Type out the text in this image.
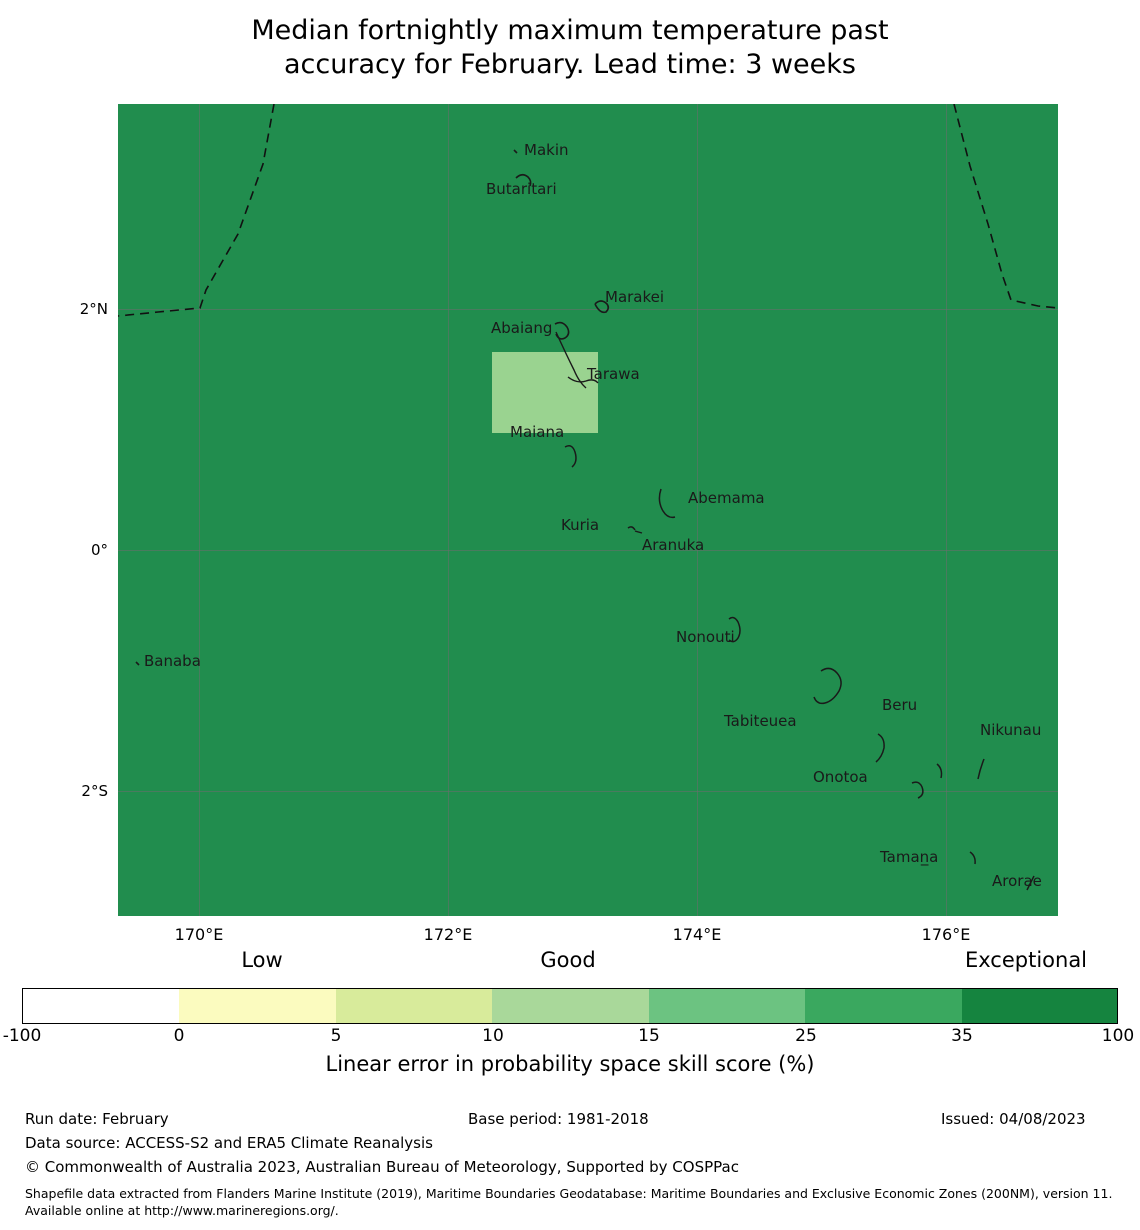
Median fortnightly maximum temperature past
accuracy for February. Lead time: 3 weeks
Makin
Butaritari
Marakei
Abaiang
Tarawa
Maiana
Abemama
Kuria
Aranuka
Nonouti
Banaba
Tabiteuea
Beru
Nikunau
Onotoa
Taman̲a
Arorae
2°N
0°
2°S
170°E	172°E	174°E	176°E
Low	Good	Exceptional
-100	0	5	10	15	25	35	100
Linear error in probability space skill score (%)
Run date: February	Base period: 1981-2018	Issued: 04/08/2023
Data source: ACCESS-S2 and ERA5 Climate Reanalysis
© Commonwealth of Australia 2023, Australian Bureau of Meteorology, Supported by COSPPac
Shapefile data extracted from Flanders Marine Institute (2019), Maritime Boundaries Geodatabase: Maritime Boundaries and Exclusive Economic Zones (200NM), version 11. Available online at http://www.marineregions.org/.
